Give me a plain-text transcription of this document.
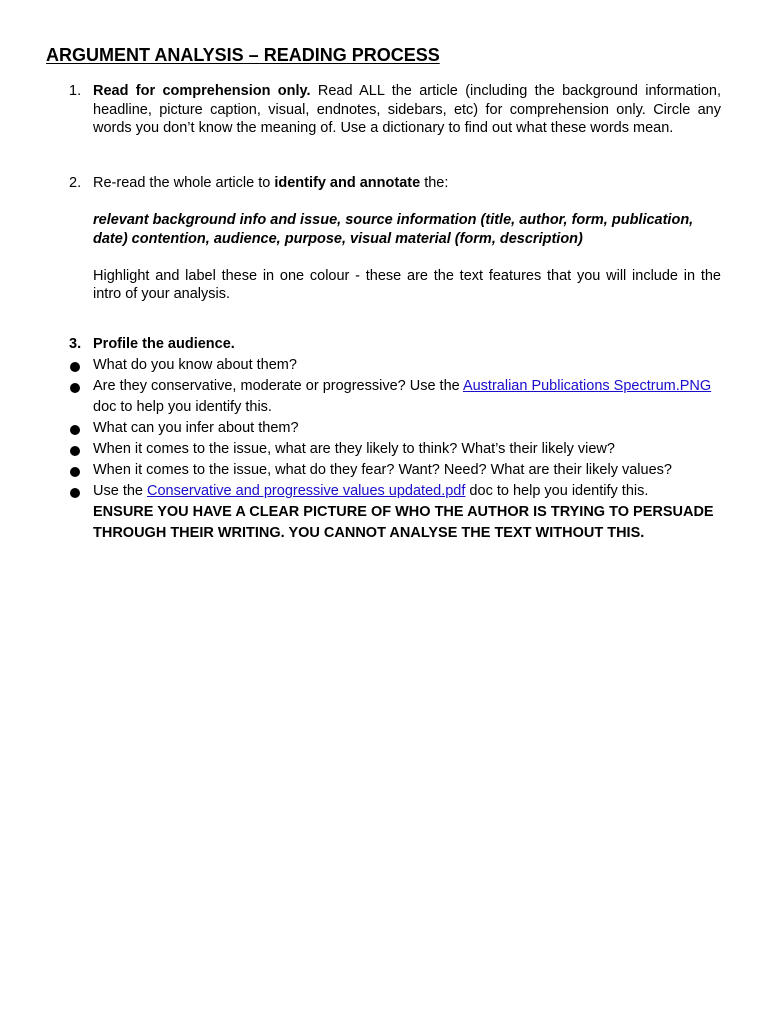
ARGUMENT ANALYSIS – READING PROCESS
1. Read for comprehension only. Read ALL the article (including the background information, headline, picture caption, visual, endnotes, sidebars, etc) for comprehension only. Circle any words you don’t know the meaning of. Use a dictionary to find out what these words mean.

2. Re-read the whole article to identify and annotate the:

relevant background info and issue, source information (title, author, form, publication, date) contention, audience, purpose, visual material (form, description)

Highlight and label these in one colour - these are the text features that you will include in the intro of your analysis.

3. Profile the audience.

What do you know about them?
Are they conservative, moderate or progressive? Use the Australian Publications Spectrum.PNG doc to help you identify this.
What can you infer about them?
When it comes to the issue, what are they likely to think? What’s their likely view?
When it comes to the issue, what do they fear? Want? Need? What are their likely values?
Use the Conservative and progressive values updated.pdf doc to help you identify this.

ENSURE YOU HAVE A CLEAR PICTURE OF WHO THE AUTHOR IS TRYING TO PERSUADE THROUGH THEIR WRITING. YOU CANNOT ANALYSE THE TEXT WITHOUT THIS.
